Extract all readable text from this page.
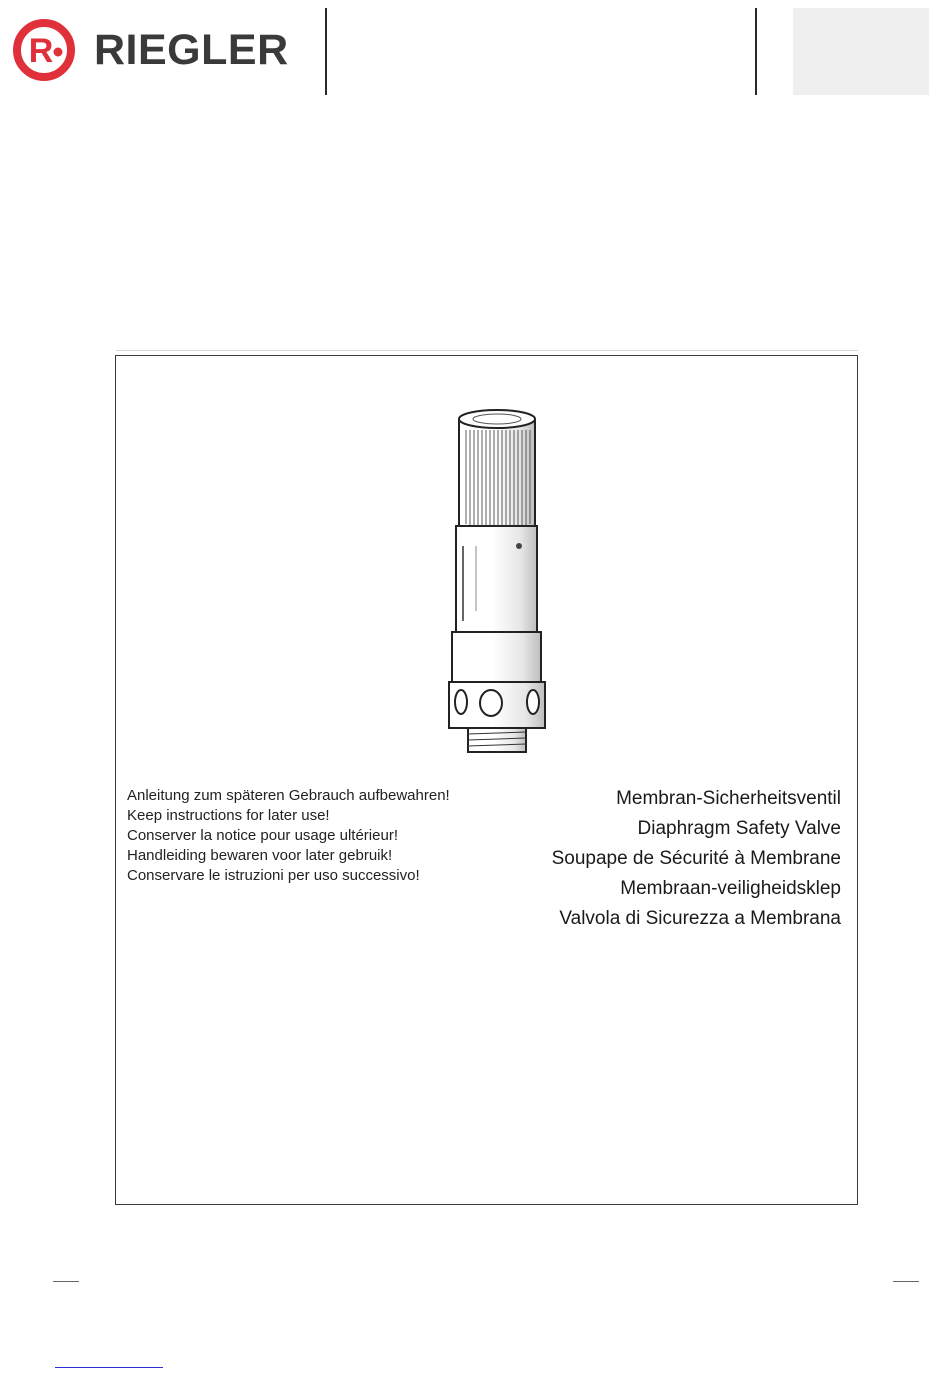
R RIEGLER
Anleitung zum späteren Gebrauch aufbewahren!
Keep instructions for later use!
Conserver la notice pour usage ultérieur!
Handleiding bewaren voor later gebruik!
Conservare le istruzioni per uso successivo!
Membran-Sicherheitsventil
Diaphragm Safety Valve
Soupape de Sécurité à Membrane
Membraan-veiligheidsklep
Valvola di Sicurezza a Membrana
